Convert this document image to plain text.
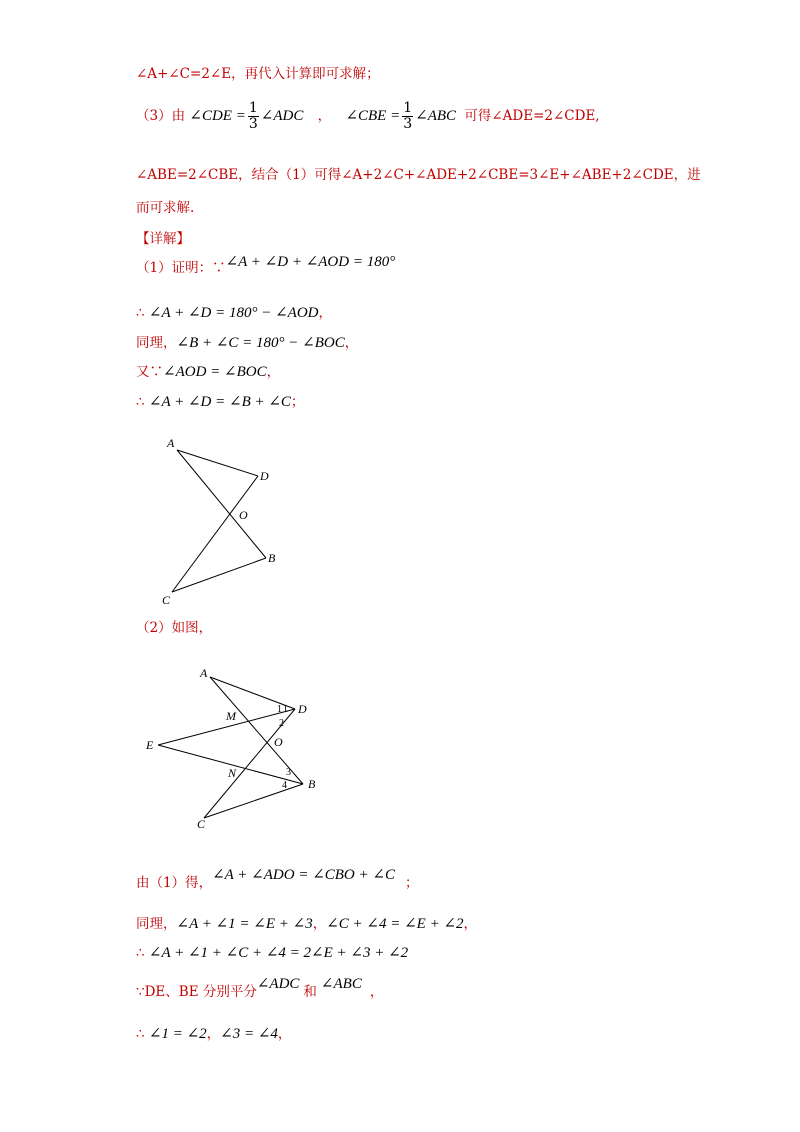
∠A+∠C=2∠E，再代入计算即可求解；
（3）由 ∠CDE = $\frac{1}{3}$ ∠ADC ， ∠CBE = $\frac{1}{3}$ ∠ABC 可得∠ADE=2∠CDE,
∠ABE=2∠CBE，结合（1）可得∠A+2∠C+∠ADE+2∠CBE=3∠E+∠ABE+2∠CDE，进
而可求解.
【详解】
（1）证明：∵∠A + ∠D + ∠AOD = 180°
∴ ∠A + ∠D = 180° − ∠AOD，
同理，∠B + ∠C = 180° − ∠BOC，
又∵∠AOD = ∠BOC，
∴ ∠A + ∠D = ∠B + ∠C；
A
D
O
B
C
（2）如图，
A
D
M
O
E
N
B
C
1 1
2
3
4
由（1）得，∠A + ∠ADO = ∠CBO + ∠C ；
同理，∠A + ∠1 = ∠E + ∠3，∠C + ∠4 = ∠E + ∠2，
∴ ∠A + ∠1 + ∠C + ∠4 = 2∠E + ∠3 + ∠2
∵DE、BE 分别平分∠ADC 和 ∠ABC ，
∴ ∠1 = ∠2，∠3 = ∠4，
